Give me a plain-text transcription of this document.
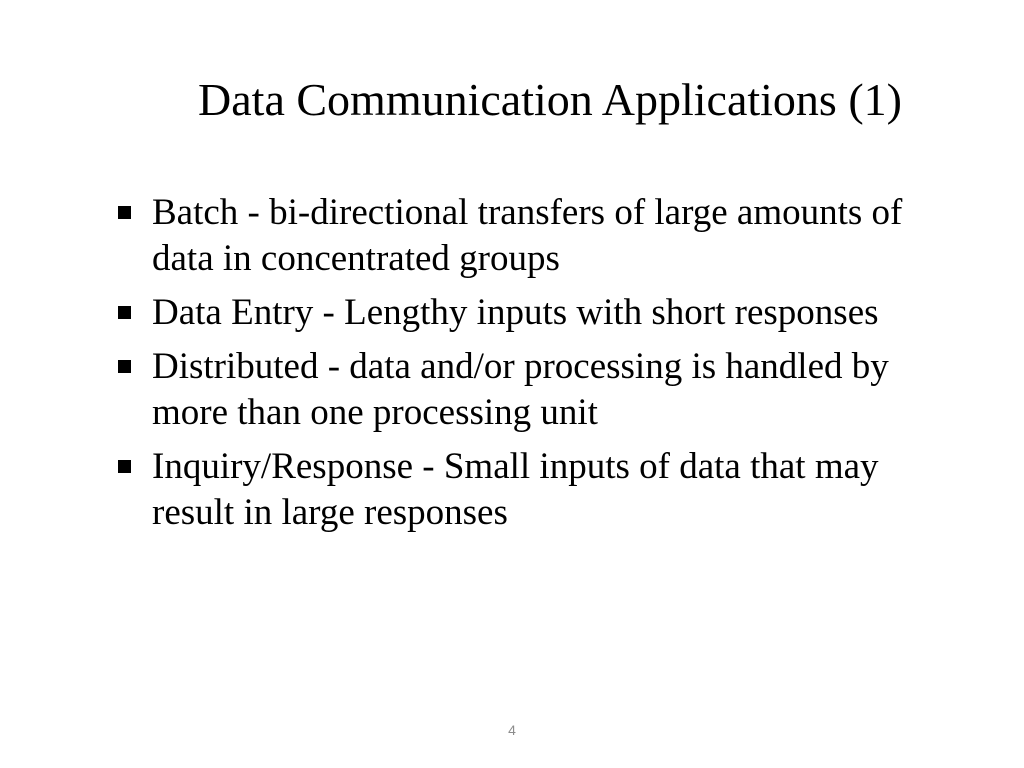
Data Communication Applications (1)
Batch - bi-directional transfers of large amounts of data in concentrated groups
Data Entry - Lengthy inputs with short responses
Distributed - data and/or processing is handled by more than one processing unit
Inquiry/Response - Small inputs of data that may result in large responses
4
